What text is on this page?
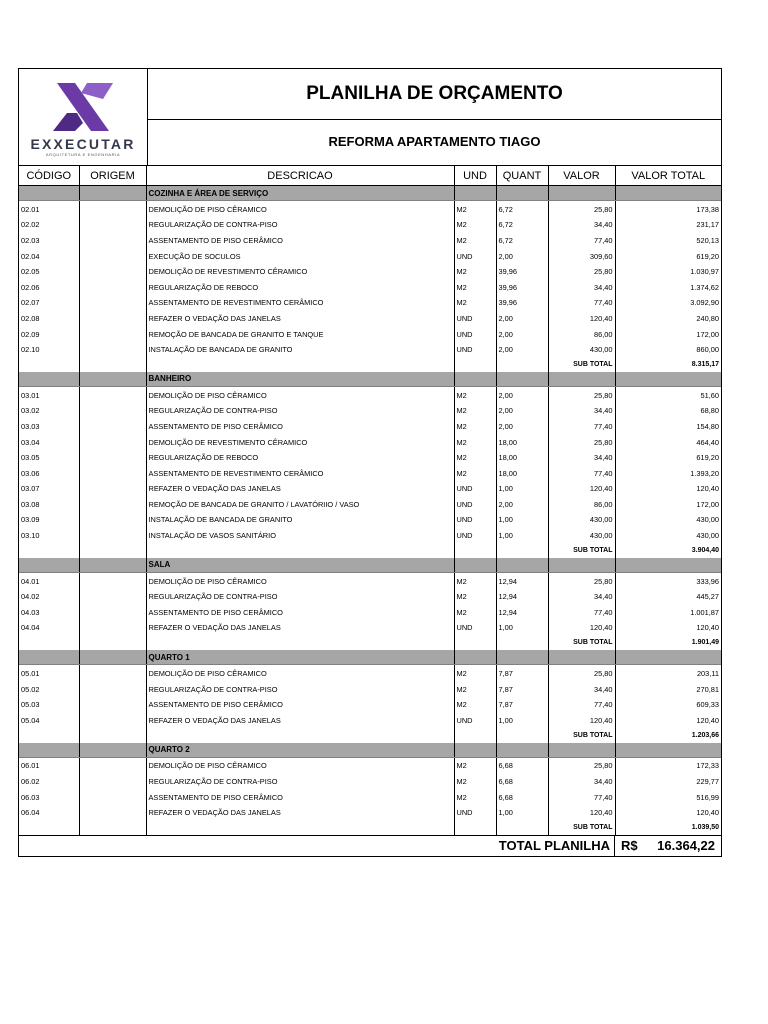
EXXECUTAR
ARQUITETURA E ENGENHARIA
PLANILHA DE ORÇAMENTO
REFORMA APARTAMENTO TIAGO
CÓDIGO	ORIGEM	DESCRICAO	UND	QUANT	VALOR	VALOR TOTAL
		COZINHA E ÁREA DE SERVIÇO				
02.01		DEMOLIÇÃO DE PISO CÊRAMICO	M2	6,72	25,80	173,38
02.02		REGULARIZAÇÃO DE CONTRA-PISO	M2	6,72	34,40	231,17
02.03		ASSENTAMENTO DE PISO CERÂMICO	M2	6,72	77,40	520,13
02.04		EXECUÇÃO DE SOCULOS	UND	2,00	309,60	619,20
02.05		DEMOLIÇÃO DE REVESTIMENTO CÊRAMICO	M2	39,96	25,80	1.030,97
02.06		REGULARIZAÇÃO DE REBOCO	M2	39,96	34,40	1.374,62
02.07		ASSENTAMENTO DE REVESTIMENTO CERÂMICO	M2	39,96	77,40	3.092,90
02.08		REFAZER O VEDAÇÃO DAS JANELAS	UND	2,00	120,40	240,80
02.09		REMOÇÃO DE BANCADA DE GRANITO E TANQUE	UND	2,00	86,00	172,00
02.10		INSTALAÇÃO DE BANCADA DE GRANITO	UND	2,00	430,00	860,00
					SUB TOTAL	8.315,17
		BANHEIRO				
03.01		DEMOLIÇÃO DE PISO CÊRAMICO	M2	2,00	25,80	51,60
03.02		REGULARIZAÇÃO DE CONTRA-PISO	M2	2,00	34,40	68,80
03.03		ASSENTAMENTO DE PISO CERÂMICO	M2	2,00	77,40	154,80
03.04		DEMOLIÇÃO DE REVESTIMENTO CÊRAMICO	M2	18,00	25,80	464,40
03.05		REGULARIZAÇÃO DE REBOCO	M2	18,00	34,40	619,20
03.06		ASSENTAMENTO DE REVESTIMENTO CERÂMICO	M2	18,00	77,40	1.393,20
03.07		REFAZER O VEDAÇÃO DAS JANELAS	UND	1,00	120,40	120,40
03.08		REMOÇÃO DE BANCADA DE GRANITO / LAVATÓRIIO / VASO	UND	2,00	86,00	172,00
03.09		INSTALAÇÃO DE BANCADA DE GRANITO	UND	1,00	430,00	430,00
03.10		INSTALAÇÃO DE VASOS SANITÁRIO	UND	1,00	430,00	430,00
					SUB TOTAL	3.904,40
		SALA				
04.01		DEMOLIÇÃO DE PISO CÊRAMICO	M2	12,94	25,80	333,96
04.02		REGULARIZAÇÃO DE CONTRA-PISO	M2	12,94	34,40	445,27
04.03		ASSENTAMENTO DE PISO CERÂMICO	M2	12,94	77,40	1.001,87
04.04		REFAZER O VEDAÇÃO DAS JANELAS	UND	1,00	120,40	120,40
					SUB TOTAL	1.901,49
		QUARTO 1				
05.01		DEMOLIÇÃO DE PISO CÊRAMICO	M2	7,87	25,80	203,11
05.02		REGULARIZAÇÃO DE CONTRA-PISO	M2	7,87	34,40	270,81
05.03		ASSENTAMENTO DE PISO CERÂMICO	M2	7,87	77,40	609,33
05.04		REFAZER O VEDAÇÃO DAS JANELAS	UND	1,00	120,40	120,40
					SUB TOTAL	1.203,66
		QUARTO 2				
06.01		DEMOLIÇÃO DE PISO CÊRAMICO	M2	6,68	25,80	172,33
06.02		REGULARIZAÇÃO DE CONTRA-PISO	M2	6,68	34,40	229,77
06.03		ASSENTAMENTO DE PISO CERÂMICO	M2	6,68	77,40	516,99
06.04		REFAZER O VEDAÇÃO DAS JANELAS	UND	1,00	120,40	120,40
					SUB TOTAL	1.039,50
TOTAL PLANILHA R$	16.364,22
